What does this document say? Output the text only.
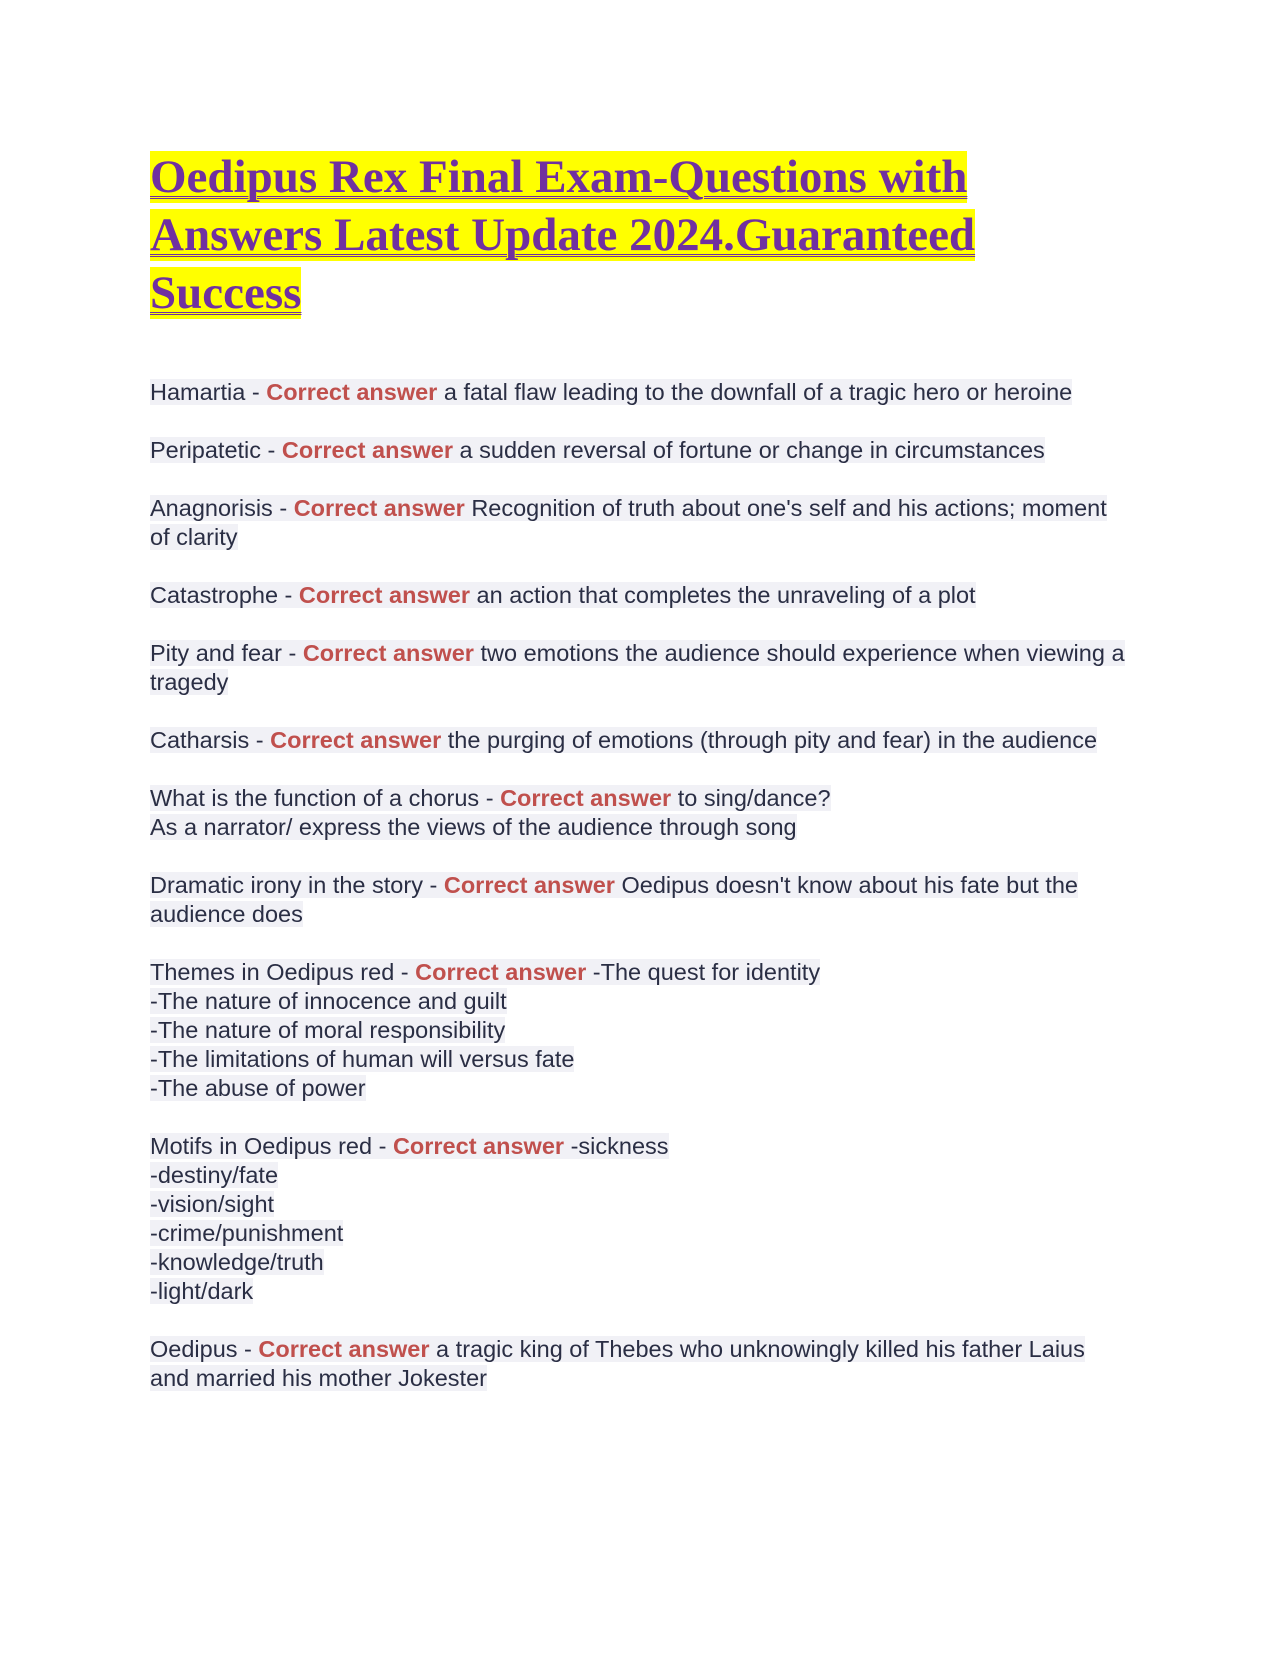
Oedipus Rex Final Exam-Questions with Answers Latest Update 2024.Guaranteed Success

Hamartia - Correct answer a fatal flaw leading to the downfall of a tragic hero or heroine

Peripatetic - Correct answer a sudden reversal of fortune or change in circumstances

Anagnorisis - Correct answer Recognition of truth about one's self and his actions; moment of clarity

Catastrophe - Correct answer an action that completes the unraveling of a plot

Pity and fear - Correct answer two emotions the audience should experience when viewing a tragedy

Catharsis - Correct answer the purging of emotions (through pity and fear) in the audience

What is the function of a chorus - Correct answer to sing/dance?
As a narrator/ express the views of the audience through song

Dramatic irony in the story - Correct answer Oedipus doesn't know about his fate but the audience does

Themes in Oedipus red - Correct answer -The quest for identity
-The nature of innocence and guilt
-The nature of moral responsibility
-The limitations of human will versus fate
-The abuse of power

Motifs in Oedipus red - Correct answer -sickness
-destiny/fate
-vision/sight
-crime/punishment
-knowledge/truth
-light/dark

Oedipus - Correct answer a tragic king of Thebes who unknowingly killed his father Laius and married his mother Jokester
